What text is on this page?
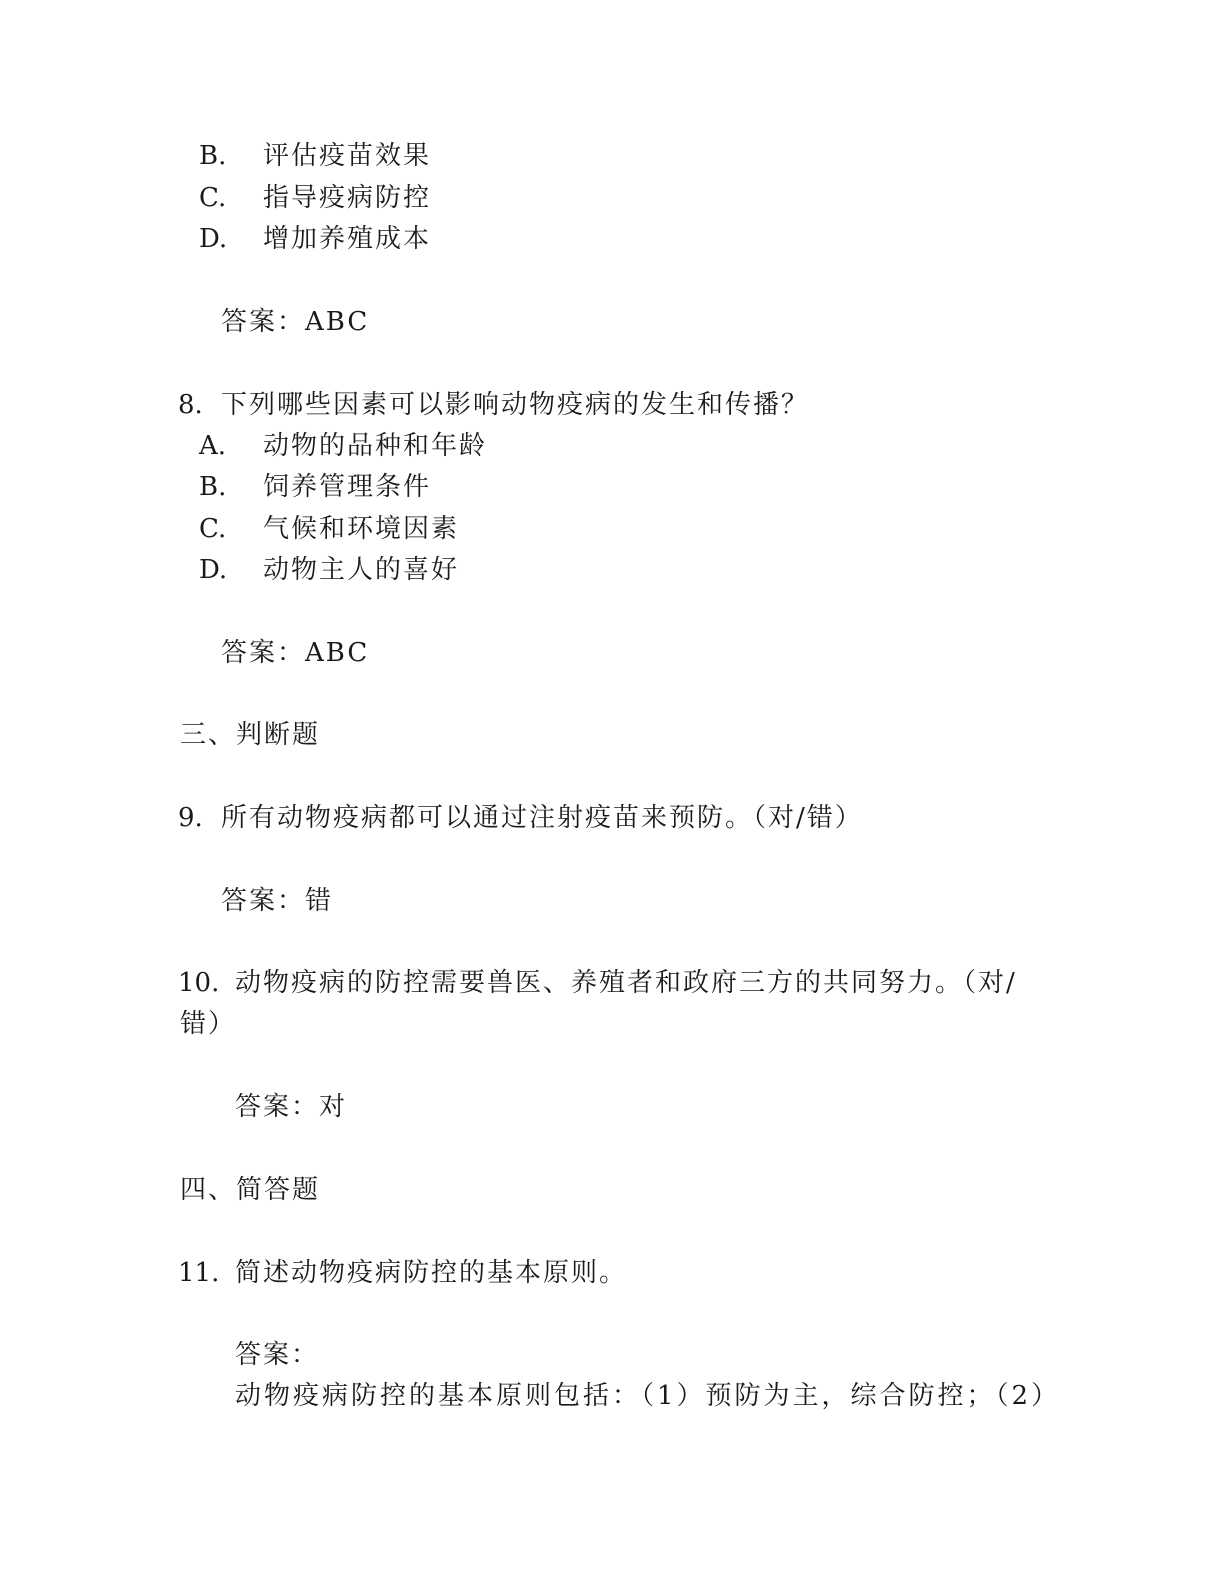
B. 评估疫苗效果
C. 指导疫病防控
D. 增加养殖成本
答案：ABC
8. 下列哪些因素可以影响动物疫病的发生和传播？
A. 动物的品种和年龄
B. 饲养管理条件
C. 气候和环境因素
D. 动物主人的喜好
答案：ABC
三、判断题
9. 所有动物疫病都可以通过注射疫苗来预防。（对/错）
答案：错
10. 动物疫病的防控需要兽医、养殖者和政府三方的共同努力。（对/
错）
答案：对
四、简答题
11. 简述动物疫病防控的基本原则。
答案：
动物疫病防控的基本原则包括：（1）预防为主，综合防控；（2）
